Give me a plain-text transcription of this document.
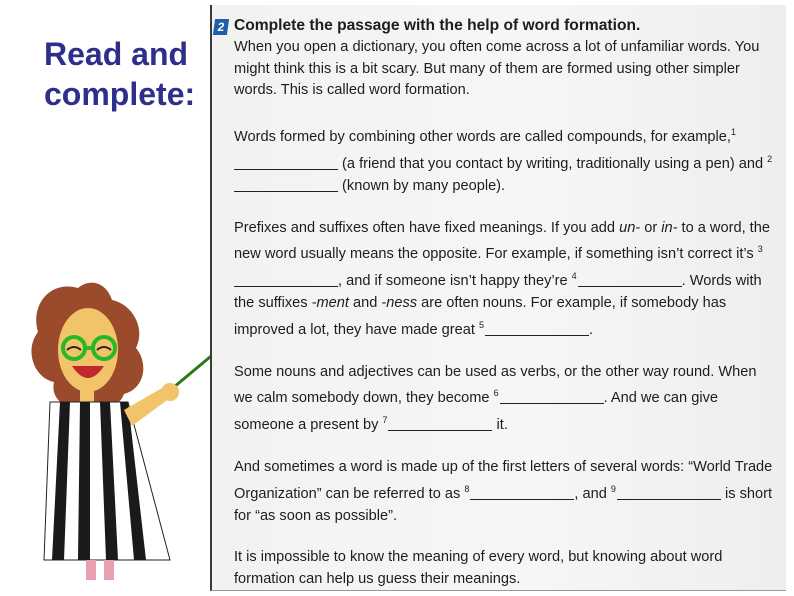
Read and
complete:
2 Complete the passage with the help of word formation.

When you open a dictionary, you often come across a lot of unfamiliar words. You might think this is a bit scary. But many of them are formed using other simpler words. This is called word formation.

Words formed by combining other words are called compounds, for example,$^1$ (a friend that you contact by writing, traditionally using a pen) and $^2$ (known by many people).

Prefixes and suffixes often have fixed meanings. If you add un- or in- to a word, the new word usually means the opposite. For example, if something isn’t correct it’s $^3$, and if someone isn’t happy they’re $^4$	. Words with the suffixes -ment and -ness are often nouns. For example, if somebody has improved a lot, they have made great $^5$	.

Some nouns and adjectives can be used as verbs, or the other way round. When we calm somebody down, they become $^6$	. And we can give someone a present by $^7$	it.

And sometimes a word is made up of the first letters of several words: “World Trade Organization” can be referred to as $^8$	, and $^9$	is short for “as soon as possible”.

It is impossible to know the meaning of every word, but knowing about word formation can help us guess their meanings.
